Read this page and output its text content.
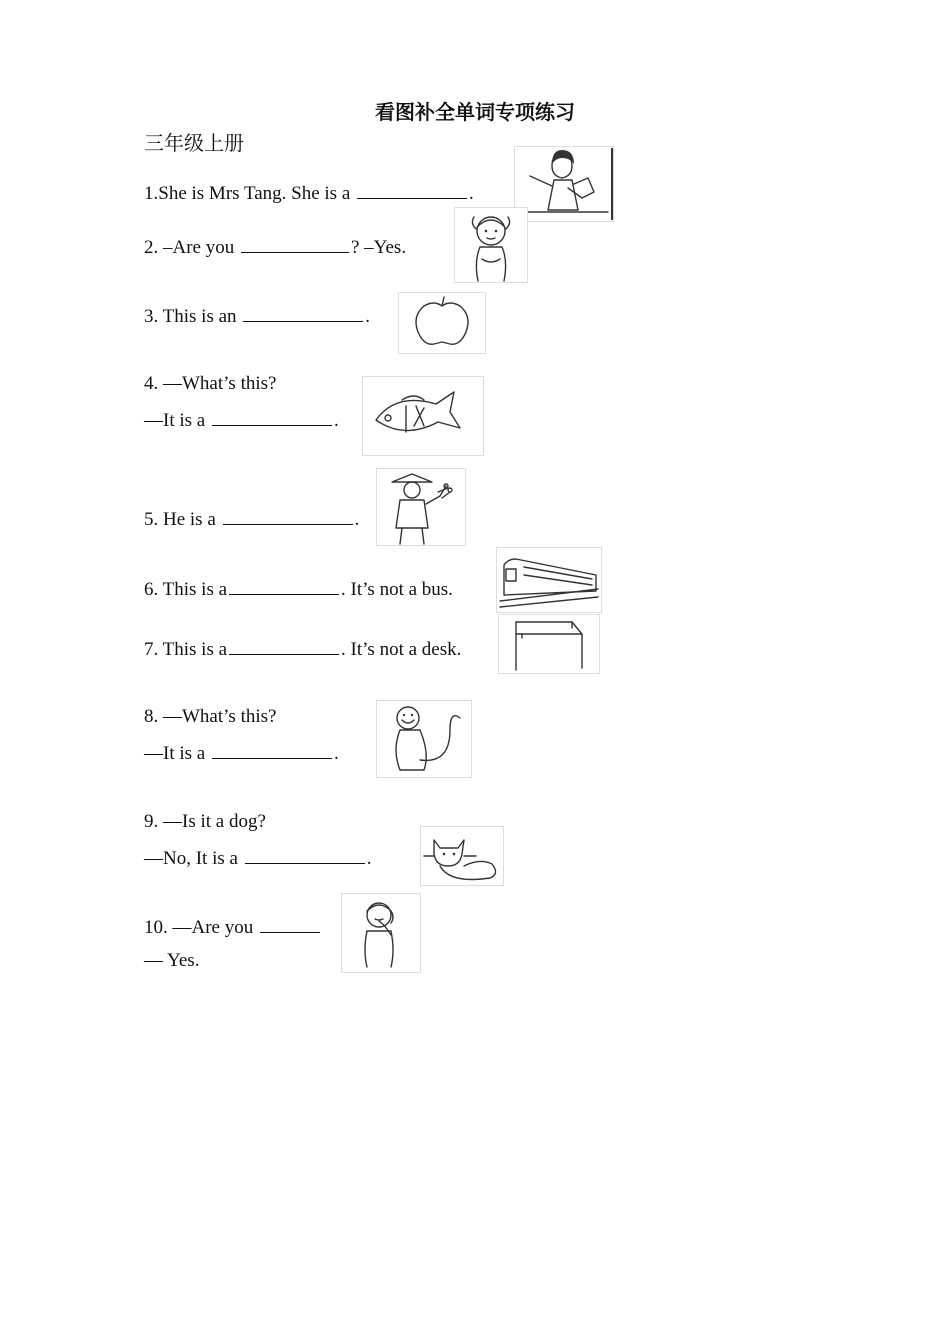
看图补全单词专项练习
三年级上册
1.She is Mrs Tang. She is a	.
2. –Are you	? –Yes.
3. This is an	.
4. —What’s this?
—It is a	.
5. He is a	.
6. This is a	. It’s not a bus.
7. This is a	. It’s not a desk.
8. —What’s this?
—It is a	.
9. —Is it a dog?
—No, It is a	.
10. —Are you
— Yes.
